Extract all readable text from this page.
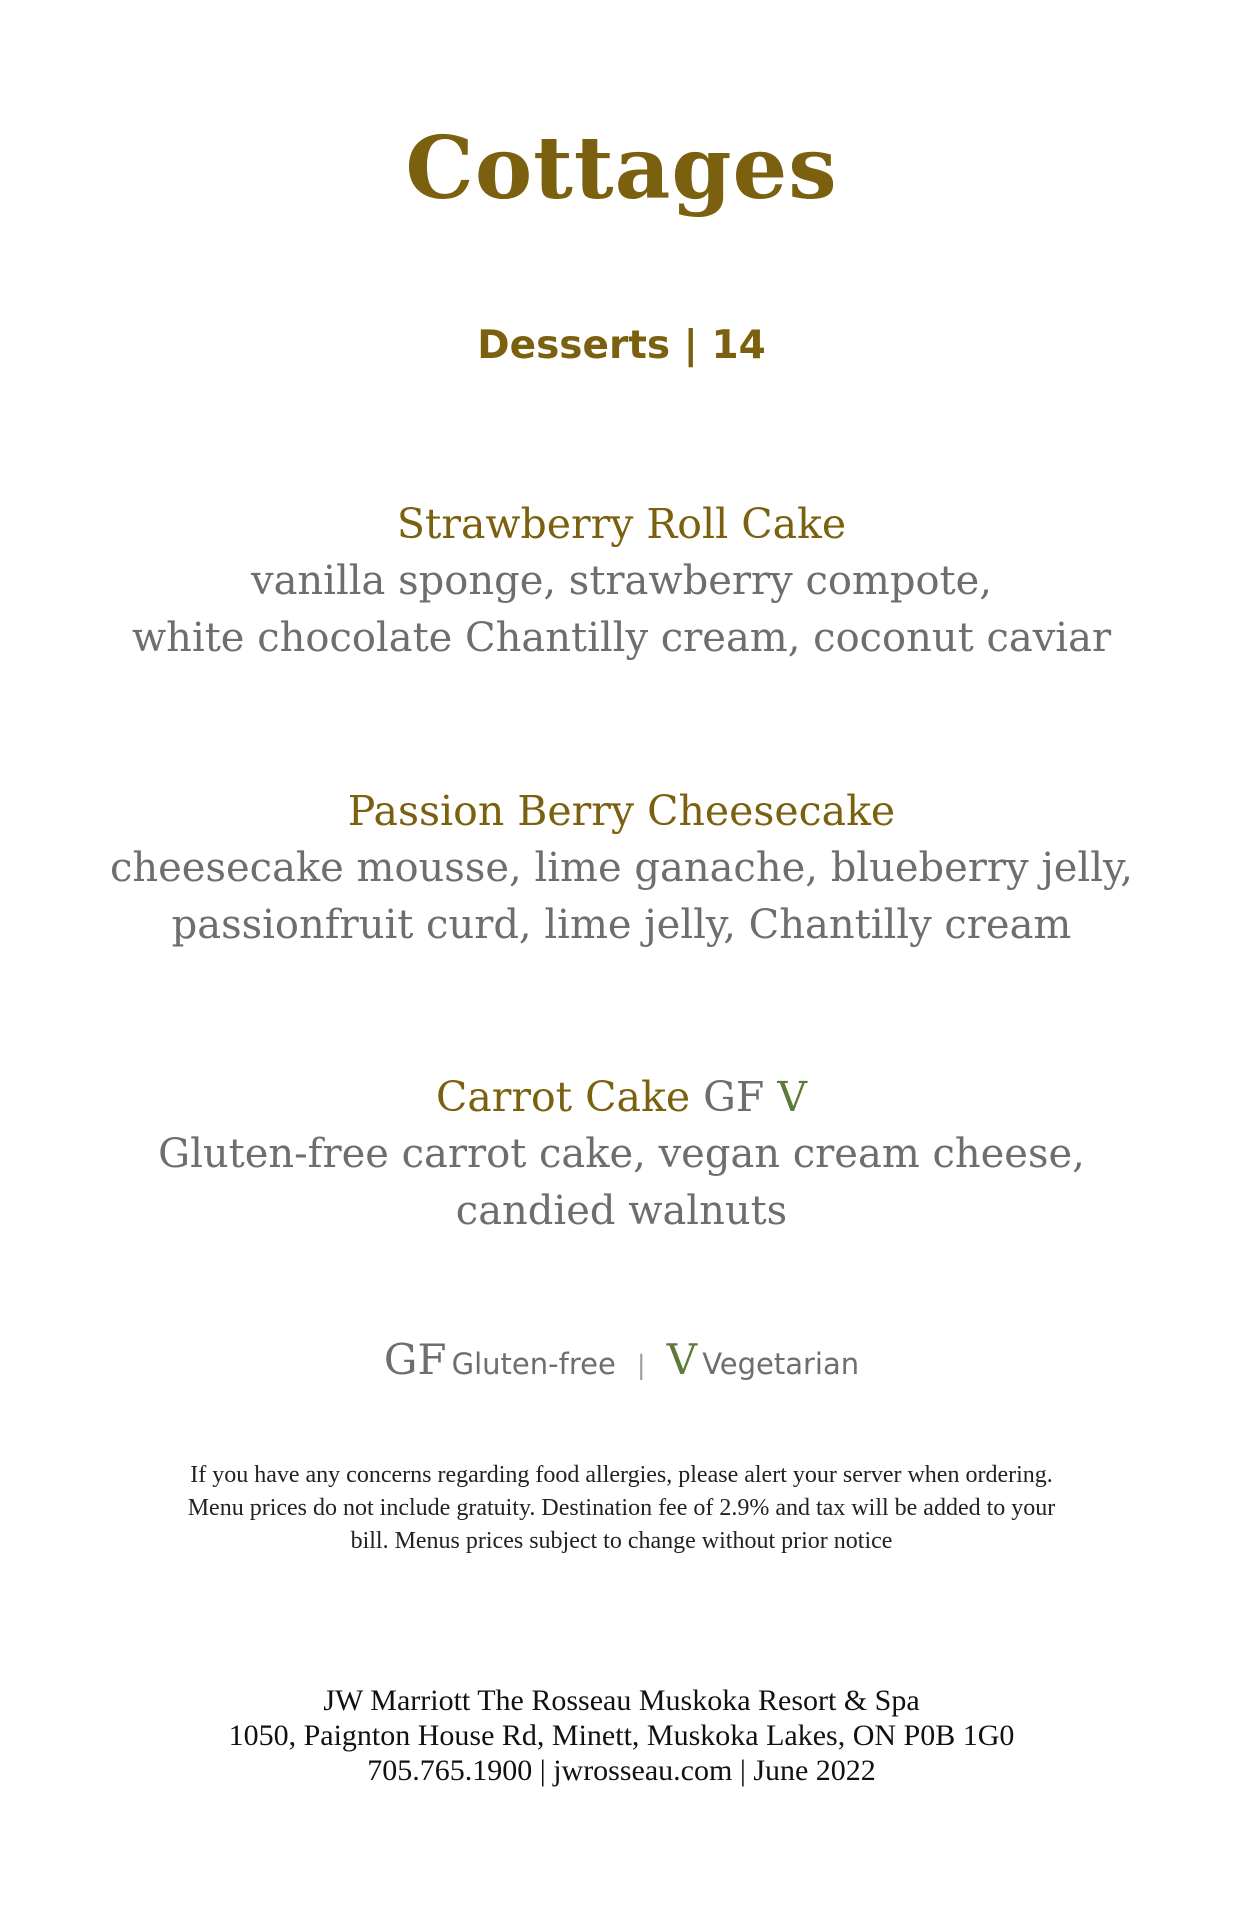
Cottages
Desserts | 14

Strawberry Roll Cake

vanilla sponge, strawberry compote,
white chocolate Chantilly cream, coconut caviar

Passion Berry Cheesecake

cheesecake mousse, lime ganache, blueberry jelly,
passionfruit curd, lime jelly, Chantilly cream

Carrot Cake GF V

Gluten-free carrot cake, vegan cream cheese,
candied walnuts

GF Gluten-free | V Vegetarian

If you have any concerns regarding food allergies, please alert your server when ordering.
Menu prices do not include gratuity. Destination fee of 2.9% and tax will be added to your
bill. Menus prices subject to change without prior notice

JW Marriott The Rosseau Muskoka Resort & Spa
1050, Paignton House Rd, Minett, Muskoka Lakes, ON P0B 1G0
705.765.1900 | jwrosseau.com | June 2022
